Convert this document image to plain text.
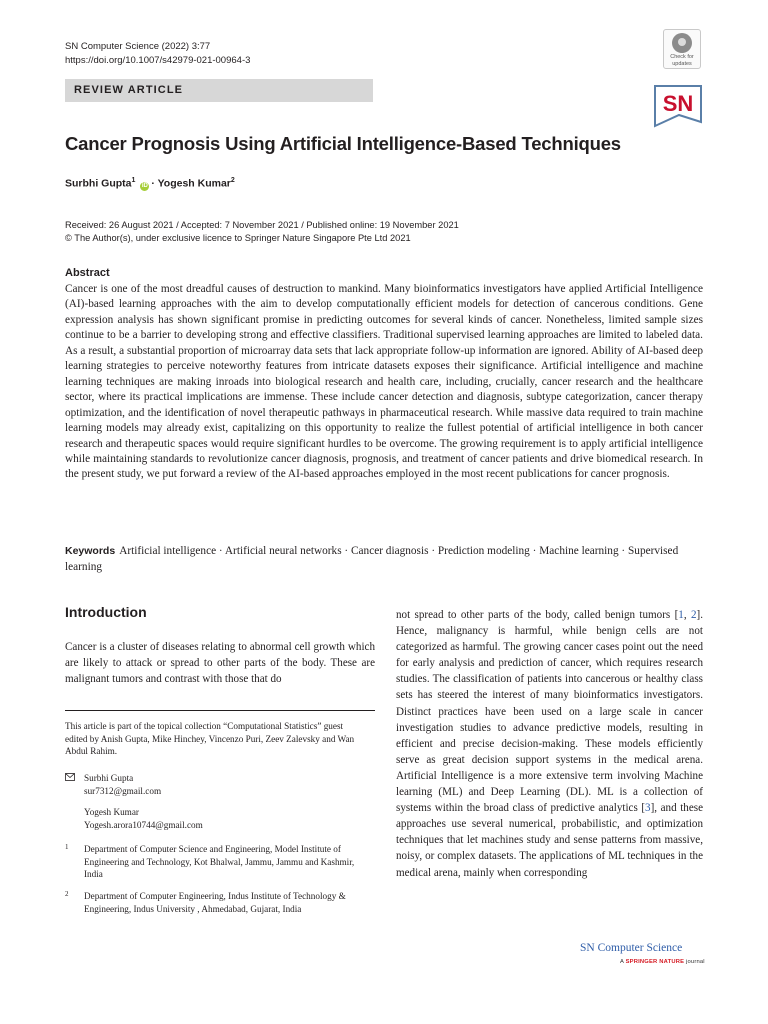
SN Computer Science (2022) 3:77
https://doi.org/10.1007/s42979-021-00964-3
REVIEW ARTICLE
Check for
updates
SN
Cancer Prognosis Using Artificial Intelligence-Based Techniques
Surbhi Gupta$^1$ iD · Yogesh Kumar$^2$
Received: 26 August 2021 / Accepted: 7 November 2021 / Published online: 19 November 2021
© The Author(s), under exclusive licence to Springer Nature Singapore Pte Ltd 2021
Abstract
Cancer is one of the most dreadful causes of destruction to mankind. Many bioinformatics investigators have applied Artificial Intelligence (AI)-based learning approaches with the aim to develop computationally efficient models for detection of cancerous conditions. Gene expression analysis has shown significant promise in predicting outcomes for several kinds of cancer. Nonetheless, limited sample sizes continue to be a barrier to developing strong and effective classifiers. Traditional supervised learning approaches are limited to labeled data. As a result, a substantial proportion of microarray data sets that lack appropriate follow-up information are ignored. Ability of AI-based deep learning strategies to perceive noteworthy features from intricate datasets exposes their significance. Artificial intelligence and machine learning techniques are making inroads into biological research and health care, including, crucially, cancer research and the healthcare sector, where its practical implications are immense. These include cancer detection and diagnosis, subtype categorization, cancer therapy optimization, and the identification of novel therapeutic pathways in pharmaceutical research. While massive data required to train machine learning models may already exist, capitalizing on this opportunity to realize the fullest potential of artificial intelligence in both cancer research and therapeutic spaces would require significant hurdles to be overcome. The growing requirement is to apply artificial intelligence while maintaining standards to revolutionize cancer diagnosis, prognosis, and treatment of cancer patients and drive biomedical research. In the present study, we put forward a review of the AI-based approaches employed in the most recent publications for cancer prognosis.
Keywords Artificial intelligence · Artificial neural networks · Cancer diagnosis · Prediction modeling · Machine learning · Supervised learning
Introduction
Cancer is a cluster of diseases relating to abnormal cell growth which are likely to attack or spread to other parts of the body. These are malignant tumors and contrast with those that do
This article is part of the topical collection “Computational Statistics” guest edited by Anish Gupta, Mike Hinchey, Vincenzo Puri, Zeev Zalevsky and Wan Abdul Rahim.
Surbhi Gupta
sur7312@gmail.com
Yogesh Kumar
Yogesh.arora10744@gmail.com
1 Department of Computer Science and Engineering, Model Institute of Engineering and Technology, Kot Bhalwal, Jammu, Jammu and Kashmir, India
2 Department of Computer Engineering, Indus Institute of Technology & Engineering, Indus University , Ahmedabad, Gujarat, India
not spread to other parts of the body, called benign tumors [1, 2]. Hence, malignancy is harmful, while benign cells are not categorized as harmful. The growing cancer cases point out the need for early analysis and prediction of cancer, which requires research studies. The classification of patients into cancerous or healthy class sets has steered the interest of many bioinformatics investigators. Distinct practices have been used on a large scale in cancer investigation studies to advance predictive models, resulting in efficient and precise decision-making. These models efficiently serve as great decision support systems in the medical arena. Artificial Intelligence is a more extensive term involving Machine learning (ML) and Deep Learning (DL). ML is a collection of systems within the broad class of predictive analytics [3], and these approaches use several numerical, probabilistic, and optimization techniques that let machines study and sense patterns from massive, noisy, or complex datasets. The applications of ML techniques in the medical arena, mainly when corresponding
SN Computer Science
A SPRINGER NATURE journal
